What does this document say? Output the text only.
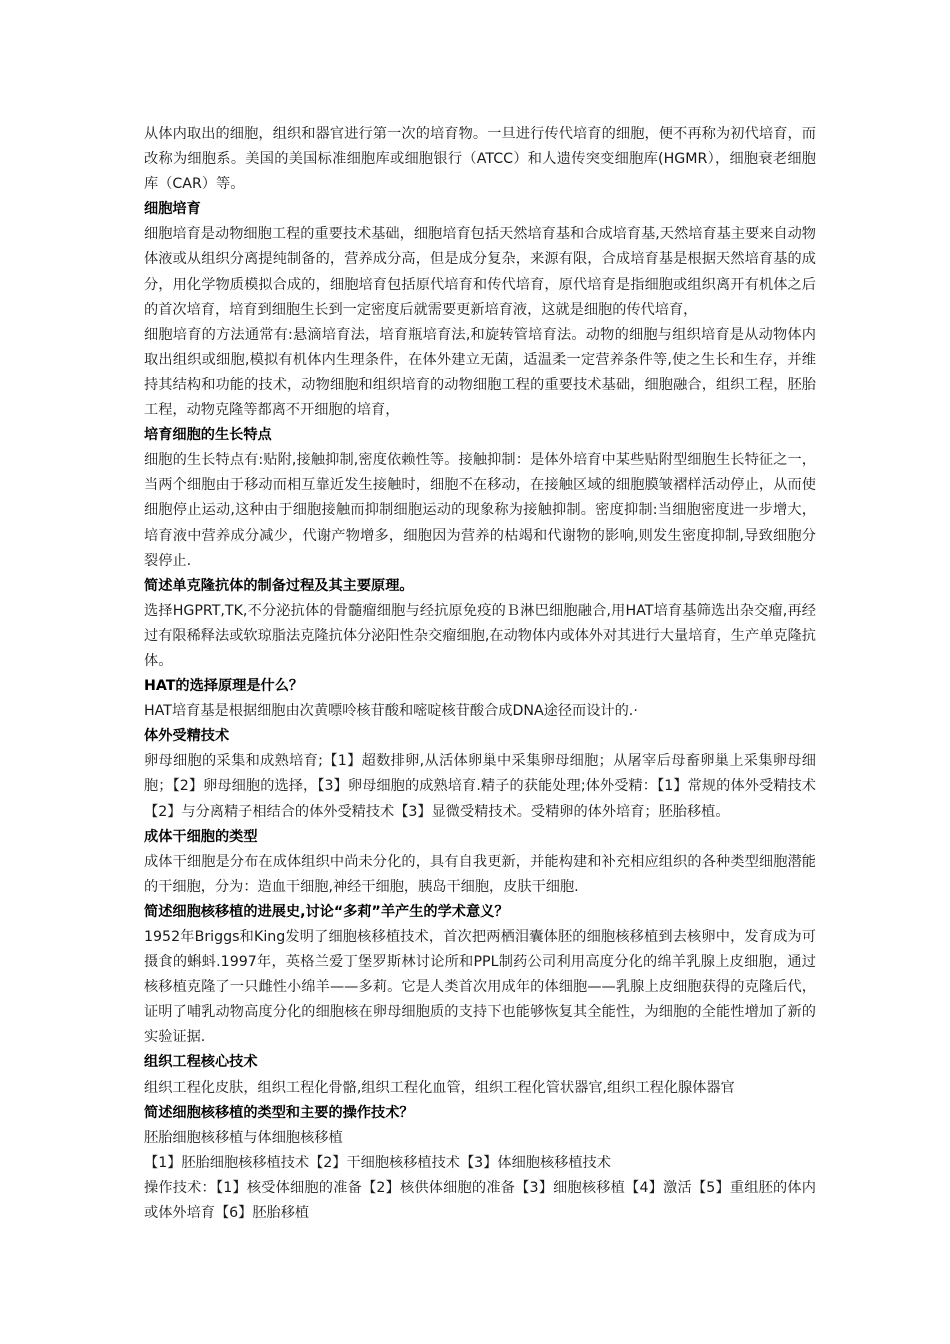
从体内取出的细胞，组织和器官进行第一次的培育物。一旦进行传代培育的细胞，便不再称为初代培育，而改称为细胞系。美国的美国标准细胞库或细胞银行（ATCC）和人遗传突变细胞库(HGMR），细胞衰老细胞库（CAR）等。

细胞培育

细胞培育是动物细胞工程的重要技术基础，细胞培育包括天然培育基和合成培育基,天然培育基主要来自动物体液或从组织分离提纯制备的，营养成分高，但是成分复杂，来源有限，合成培育基是根据天然培育基的成分，用化学物质模拟合成的，细胞培育包括原代培育和传代培育，原代培育是指细胞或组织离开有机体之后的首次培育，培育到细胞生长到一定密度后就需要更新培育液，这就是细胞的传代培育，

细胞培育的方法通常有:悬滴培育法，培育瓶培育法,和旋转管培育法。动物的细胞与组织培育是从动物体内取出组织或细胞,模拟有机体内生理条件，在体外建立无菌，适温柔一定营养条件等,使之生长和生存，并维持其结构和功能的技术，动物细胞和组织培育的动物细胞工程的重要技术基础，细胞融合，组织工程，胚胎工程，动物克隆等都离不开细胞的培育，

培育细胞的生长特点

细胞的生长特点有:贴附,接触抑制,密度依赖性等。接触抑制：是体外培育中某些贴附型细胞生长特征之一，当两个细胞由于移动而相互靠近发生接触时，细胞不在移动，在接触区域的细胞膜皱褶样活动停止，从而使细胞停止运动,这种由于细胞接触而抑制细胞运动的现象称为接触抑制。密度抑制:当细胞密度进一步增大，培育液中营养成分减少，代谢产物增多，细胞因为营养的枯竭和代谢物的影响,则发生密度抑制,导致细胞分裂停止.

简述单克隆抗体的制备过程及其主要原理。

选择HGPRT,TK,不分泌抗体的骨髓瘤细胞与经抗原免疫的Ｂ淋巴细胞融合,用HAT培育基筛选出杂交瘤,再经过有限稀释法或软琼脂法克隆抗体分泌阳性杂交瘤细胞,在动物体内或体外对其进行大量培育，生产单克隆抗体。

HAT的选择原理是什么？

HAT培育基是根据细胞由次黄嘌呤核苷酸和嘧啶核苷酸合成DNA途径而设计的.·

体外受精技术

卵母细胞的采集和成熟培育;【1】超数排卵,从活体卵巢中采集卵母细胞；从屠宰后母畜卵巢上采集卵母细胞；【2】卵母细胞的选择，【3】卵母细胞的成熟培育.精子的获能处理;体外受精：【1】常规的体外受精技术【2】与分离精子相结合的体外受精技术【3】显微受精技术。受精卵的体外培育；胚胎移植。

成体干细胞的类型

成体干细胞是分布在成体组织中尚未分化的，具有自我更新，并能构建和补充相应组织的各种类型细胞潜能的干细胞，分为：造血干细胞,神经干细胞，胰岛干细胞，皮肤干细胞.

简述细胞核移植的进展史,讨论“多莉”羊产生的学术意义？

1952年Briggs和King发明了细胞核移植技术，首次把两栖泪囊体胚的细胞核移植到去核卵中，发育成为可摄食的蝌蚪.1997年，英格兰爱丁堡罗斯林讨论所和PPL制药公司利用高度分化的绵羊乳腺上皮细胞，通过核移植克隆了一只雌性小绵羊——多莉。它是人类首次用成年的体细胞——乳腺上皮细胞获得的克隆后代，证明了哺乳动物高度分化的细胞核在卵母细胞质的支持下也能够恢复其全能性，为细胞的全能性增加了新的实验证据.

组织工程核心技术

组织工程化皮肤，组织工程化骨骼,组织工程化血管，组织工程化管状器官,组织工程化腺体器官

简述细胞核移植的类型和主要的操作技术？

胚胎细胞核移植与体细胞核移植

【1】胚胎细胞核移植技术【2】干细胞核移植技术【3】体细胞核移植技术

操作技术：【1】核受体细胞的准备【2】核供体细胞的准备【3】细胞核移植【4】激活【5】重组胚的体内或体外培育【6】胚胎移植
